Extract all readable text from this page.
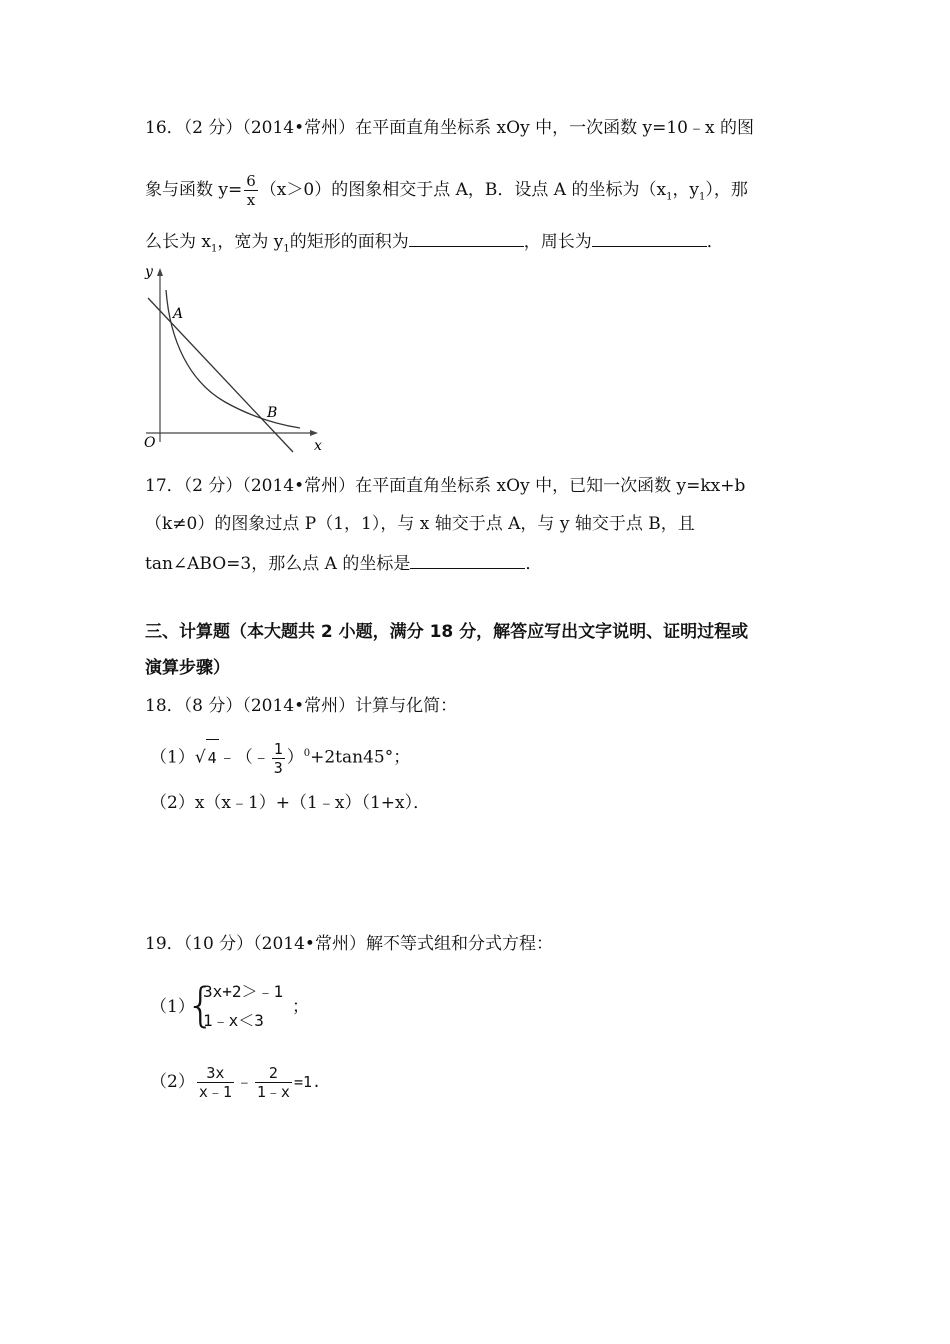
16．（2 分）（2014•常州）在平面直角坐标系 xOy 中，一次函数 y=10﹣x 的图
象与函数 $y= \frac{6}{x} (x>0)$的图象相交于点 A，B．设点 A 的坐标为（$x_1$，$y_1$），那
么长为 $x_1$，宽为 $y_1$的矩形的面积为	，周长为	．
y
x
O
A
B
17．（2 分）（2014•常州）在平面直角坐标系 xOy 中，已知一次函数 y=kx+b
（k≠0）的图象过点 P（1，1），与 x 轴交于点 A，与 y 轴交于点 B，且
tan∠ABO=3，那么点 A 的坐标是	．
三、计算题（本大题共 2 小题，满分 18 分，解答应写出文字说明、证明过程或
演算步骤）
18．（8 分）（2014•常州）计算与化简：
（1）√ 4 ﹣（﹣ $\frac{1}{3} )^0+2\tan 45^\circ$；
（2）x（x﹣1）+（1﹣x）（1+x）．
19．（10 分）（2014•常州）解不等式组和分式方程：
（1）
{
3x+2＞﹣1
1﹣x＜3
；
$(2) \frac{3x}{x﹣1}$ ﹣ $\frac{2}{1﹣x} =1$.
